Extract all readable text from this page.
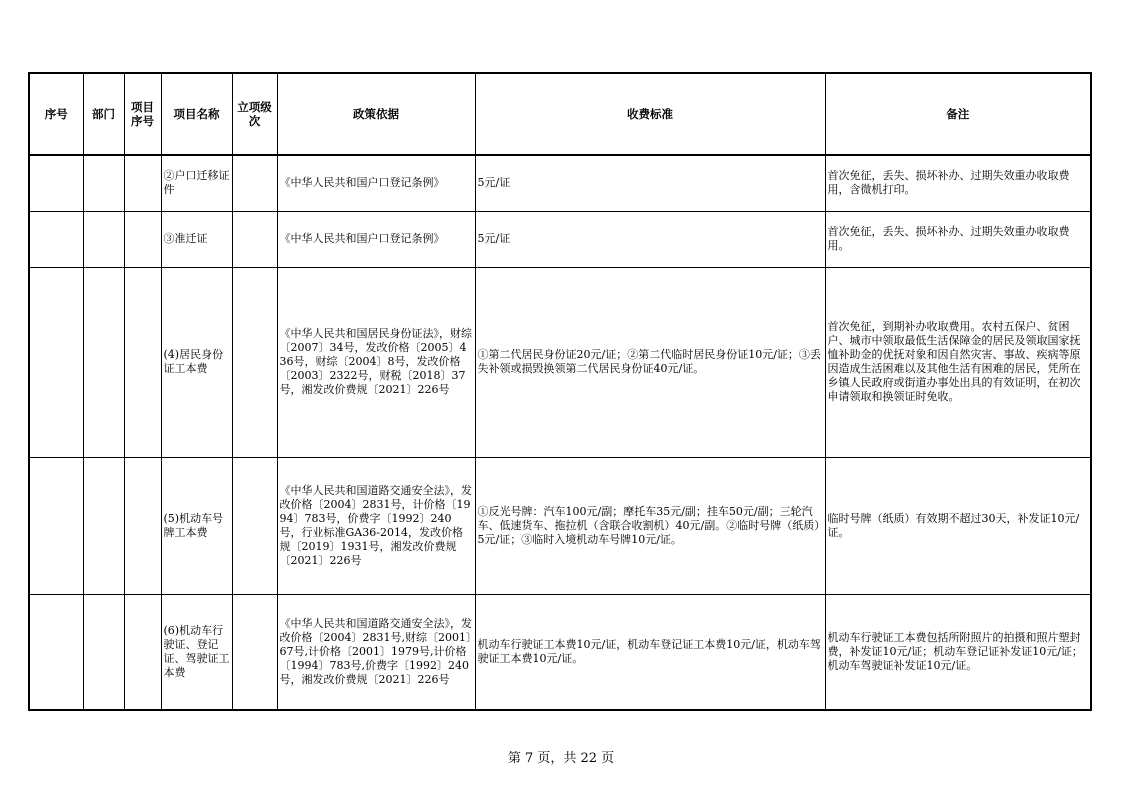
序号	部门	项目序号	项目名称	立项级次	政策依据	收费标准	备注
			②户口迁移证件		《中华人民共和国户口登记条例》	5元/证	首次免征，丢失、损坏补办、过期失效重办收取费用，含微机打印。
			③准迁证		《中华人民共和国户口登记条例》	5元/证	首次免征，丢失、损坏补办、过期失效重办收取费用。
			(4)居民身份证工本费		《中华人民共和国居民身份证法》，财综〔2007〕34号，发改价格〔2005〕436号，财综〔2004〕8号，发改价格〔2003〕2322号，财税〔2018〕37号，湘发改价费规〔2021〕226号	①第二代居民身份证20元/证；②第二代临时居民身份证10元/证；③丢失补领或损毁换领第二代居民身份证40元/证。	首次免征，到期补办收取费用。农村五保户、贫困户、城市中领取最低生活保障金的居民及领取国家抚恤补助金的优抚对象和因自然灾害、事故、疾病等原因造成生活困难以及其他生活有困难的居民，凭所在乡镇人民政府或街道办事处出具的有效证明，在初次申请领取和换领证时免收。
			(5)机动车号牌工本费		《中华人民共和国道路交通安全法》，发改价格〔2004〕2831号，计价格〔1994〕783号，价费字〔1992〕240号，行业标准GA36-2014，发改价格规〔2019〕1931号，湘发改价费规〔2021〕226号	①反光号牌：汽车100元/副；摩托车35元/副；挂车50元/副；三轮汽车、低速货车、拖拉机（含联合收割机）40元/副。②临时号牌（纸质）5元/证；③临时入境机动车号牌10元/证。	临时号牌（纸质）有效期不超过30天，补发证10元/证。
			(6)机动车行驶证、登记证、驾驶证工本费		《中华人民共和国道路交通安全法》，发改价格〔2004〕2831号,财综〔2001〕67号,计价格〔2001〕1979号,计价格〔1994〕783号,价费字〔1992〕240号，湘发改价费规〔2021〕226号	机动车行驶证工本费10元/证，机动车登记证工本费10元/证，机动车驾驶证工本费10元/证。	机动车行驶证工本费包括所附照片的拍摄和照片塑封费，补发证10元/证；机动车登记证补发证10元/证；机动车驾驶证补发证10元/证。
第 7 页，共 22 页
